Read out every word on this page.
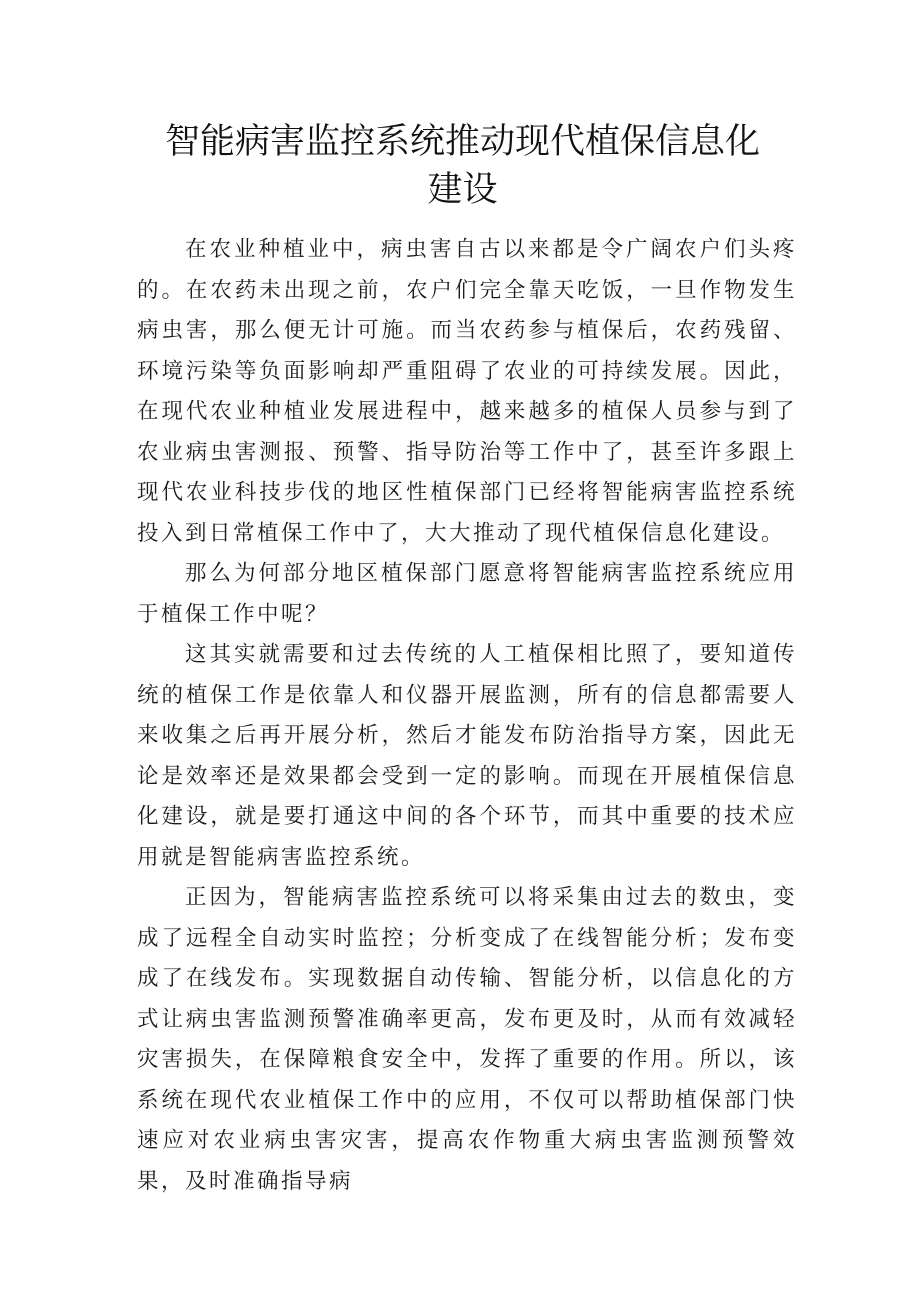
智能病害监控系统推动现代植保信息化建设

在农业种植业中，病虫害自古以来都是令广阔农户们头疼的。在农药未出现之前，农户们完全靠天吃饭，一旦作物发生病虫害，那么便无计可施。而当农药参与植保后，农药残留、环境污染等负面影响却严重阻碍了农业的可持续发展。因此，在现代农业种植业发展进程中，越来越多的植保人员参与到了农业病虫害测报、预警、指导防治等工作中了，甚至许多跟上现代农业科技步伐的地区性植保部门已经将智能病害监控系统投入到日常植保工作中了，大大推动了现代植保信息化建设。

那么为何部分地区植保部门愿意将智能病害监控系统应用于植保工作中呢？

这其实就需要和过去传统的人工植保相比照了，要知道传统的植保工作是依靠人和仪器开展监测，所有的信息都需要人来收集之后再开展分析，然后才能发布防治指导方案，因此无论是效率还是效果都会受到一定的影响。而现在开展植保信息化建设，就是要打通这中间的各个环节，而其中重要的技术应用就是智能病害监控系统。

正因为，智能病害监控系统可以将采集由过去的数虫，变成了远程全自动实时监控；分析变成了在线智能分析；发布变成了在线发布。实现数据自动传输、智能分析，以信息化的方式让病虫害监测预警准确率更高，发布更及时，从而有效减轻灾害损失，在保障粮食安全中，发挥了重要的作用。所以，该系统在现代农业植保工作中的应用，不仅可以帮助植保部门快速应对农业病虫害灾害，提高农作物重大病虫害监测预警效果，及时准确指导病
